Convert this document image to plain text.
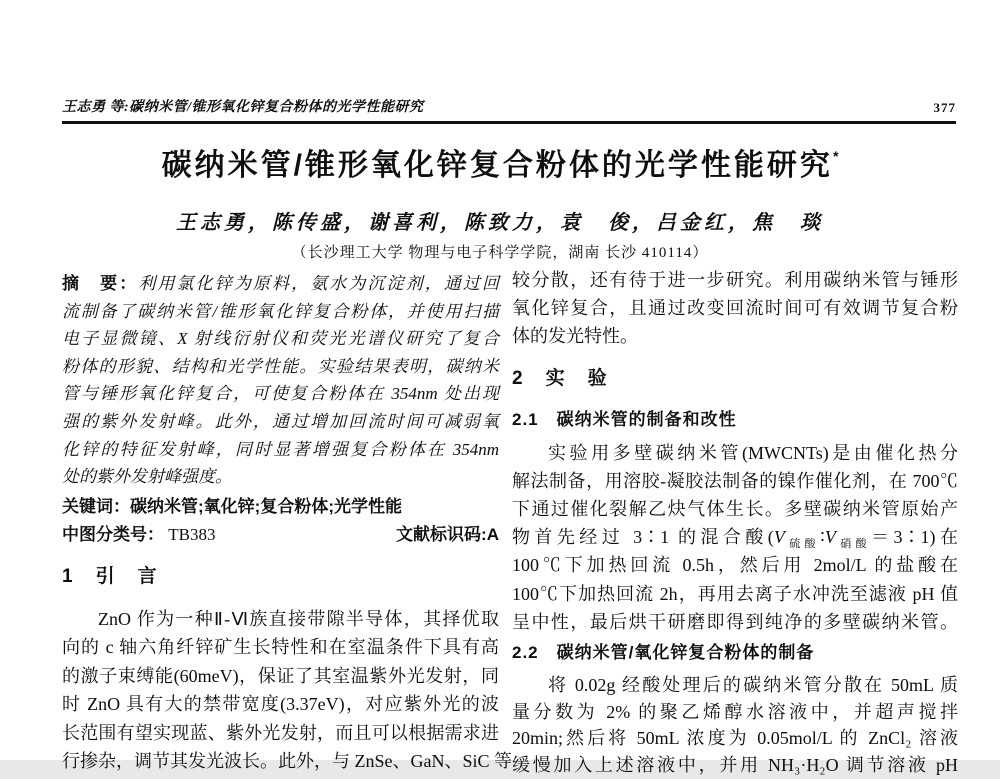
王志勇 等:碳纳米管/锥形氧化锌复合粉体的光学性能研究	377
碳纳米管/锥形氧化锌复合粉体的光学性能研究*
王志勇，陈传盛，谢喜利，陈致力，袁　俊，吕金红，焦　琰
（长沙理工大学 物理与电子科学学院，湖南 长沙 410114）
摘　要：利用氯化锌为原料，氨水为沉淀剂，通过回
流制备了碳纳米管/锥形氧化锌复合粉体，并使用扫描
电子显微镜、X 射线衍射仪和荧光光谱仪研究了复合
粉体的形貌、结构和光学性能。实验结果表明，碳纳米
管与锤形氧化锌复合，可使复合粉体在 354nm 处出现
强的紫外发射峰。此外，通过增加回流时间可减弱氧
化锌的特征发射峰，同时显著增强复合粉体在 354nm
处的紫外发射峰强度。
关键词：碳纳米管;氧化锌;复合粉体;光学性能
中图分类号： TB383	文献标识码:A
1　引　言
ZnO 作为一种Ⅱ-Ⅵ族直接带隙半导体，其择优取
向的 c 轴六角纤锌矿生长特性和在室温条件下具有高
的激子束缚能(60meV)，保证了其室温紫外光发射，同
时 ZnO 具有大的禁带宽度(3.37eV)，对应紫外光的波
长范围有望实现蓝、紫外光发射，而且可以根据需求进
行掺杂，调节其发光波长。此外，与 ZnSe、GaN、SiC 等
较分散，还有待于进一步研究。利用碳纳米管与锤形
氧化锌复合，且通过改变回流时间可有效调节复合粉
体的发光特性。
2　实　验
2.1　碳纳米管的制备和改性
实验用多壁碳纳米管(MWCNTs)是由催化热分
解法制备，用溶胶-凝胶法制备的镍作催化剂，在 700℃
下通过催化裂解乙炔气体生长。多壁碳纳米管原始产
物首先经过 3∶1 的混合酸$(V_{硫酸}∶V_{硝酸}=3∶1)$在
100℃下加热回流 0.5h，然后用 2mol/L 的盐酸在
100℃下加热回流 2h，再用去离子水冲洗至滤液 pH 值
呈中性，最后烘干研磨即得到纯净的多壁碳纳米管。
2.2　碳纳米管/氧化锌复合粉体的制备
将 0.02g 经酸处理后的碳纳米管分散在 50mL 质
量分数为 2% 的聚乙烯醇水溶液中，并超声搅拌
20min;然后将 50mL 浓度为 0.05mol/L 的 ZnCl₂ 溶液
缓慢加入上述溶液中，并用 NH₃·H₂O 调节溶液 pH
